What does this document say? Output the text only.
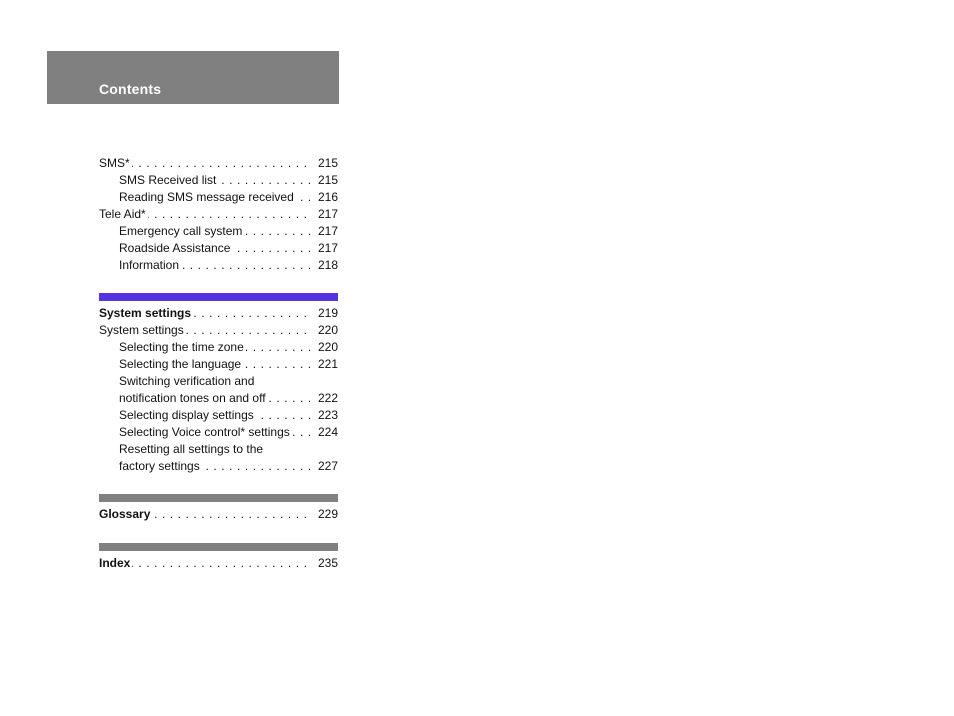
Contents
. . .
SMS*	215
. . .
SMS Received list	215
. . .
Reading SMS message received 216
. . .
Tele Aid*	217
. . .
Emergency call system	217
. . .
Roadside Assistance	217
. . .
Information	218
. . .
System settings	219
. . .
System settings	220
. . .
Selecting the time zone	220
. . .
Selecting the language	221
Switching verification and
. . .
notification tones on and off	222
. . .
Selecting display settings	223
. . .
Selecting Voice control* settings 224
Resetting all settings to the
. . .
factory settings	227
. . .
Glossary	229
. . .
Index	235
